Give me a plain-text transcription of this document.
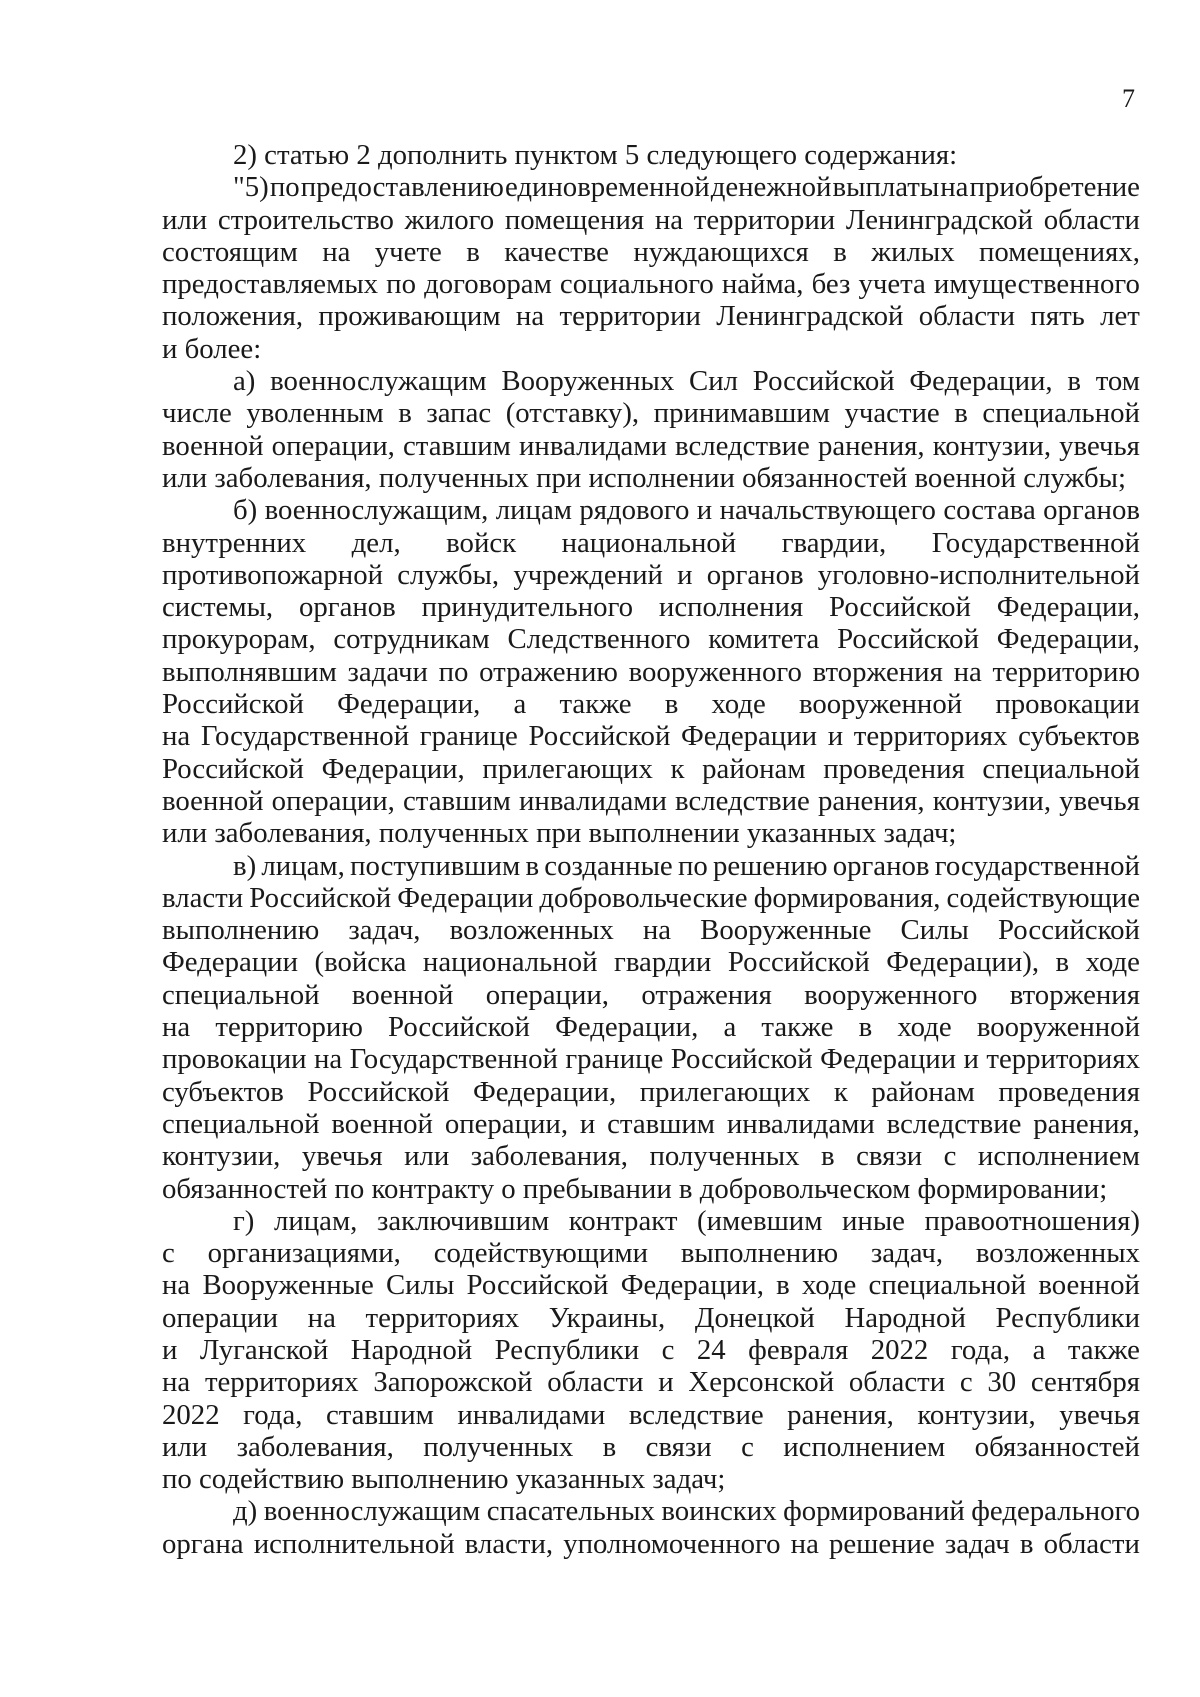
7
2) статью 2 дополнить пунктом 5 следующего содержания:
"5) по предоставлению единовременной денежной выплаты на приобретение
или строительство жилого помещения на территории Ленинградской области
состоящим на учете в качестве нуждающихся в жилых помещениях,
предоставляемых по договорам социального найма, без учета имущественного
положения, проживающим на территории Ленинградской области пять лет
и более:
а) военнослужащим Вооруженных Сил Российской Федерации, в том
числе уволенным в запас (отставку), принимавшим участие в специальной
военной операции, ставшим инвалидами вследствие ранения, контузии, увечья
или заболевания, полученных при исполнении обязанностей военной службы;
б) военнослужащим, лицам рядового и начальствующего состава органов
внутренних дел, войск национальной гвардии, Государственной
противопожарной службы, учреждений и органов уголовно-исполнительной
системы, органов принудительного исполнения Российской Федерации,
прокурорам, сотрудникам Следственного комитета Российской Федерации,
выполнявшим задачи по отражению вооруженного вторжения на территорию
Российской Федерации, а также в ходе вооруженной провокации
на Государственной границе Российской Федерации и территориях субъектов
Российской Федерации, прилегающих к районам проведения специальной
военной операции, ставшим инвалидами вследствие ранения, контузии, увечья
или заболевания, полученных при выполнении указанных задач;
в) лицам, поступившим в созданные по решению органов государственной
власти Российской Федерации добровольческие формирования, содействующие
выполнению задач, возложенных на Вооруженные Силы Российской
Федерации (войска национальной гвардии Российской Федерации), в ходе
специальной военной операции, отражения вооруженного вторжения
на территорию Российской Федерации, а также в ходе вооруженной
провокации на Государственной границе Российской Федерации и территориях
субъектов Российской Федерации, прилегающих к районам проведения
специальной военной операции, и ставшим инвалидами вследствие ранения,
контузии, увечья или заболевания, полученных в связи с исполнением
обязанностей по контракту о пребывании в добровольческом формировании;
г) лицам, заключившим контракт (имевшим иные правоотношения)
с организациями, содействующими выполнению задач, возложенных
на Вооруженные Силы Российской Федерации, в ходе специальной военной
операции на территориях Украины, Донецкой Народной Республики
и Луганской Народной Республики с 24 февраля 2022 года, а также
на территориях Запорожской области и Херсонской области с 30 сентября
2022 года, ставшим инвалидами вследствие ранения, контузии, увечья
или заболевания, полученных в связи с исполнением обязанностей
по содействию выполнению указанных задач;
д) военнослужащим спасательных воинских формирований федерального
органа исполнительной власти, уполномоченного на решение задач в области
